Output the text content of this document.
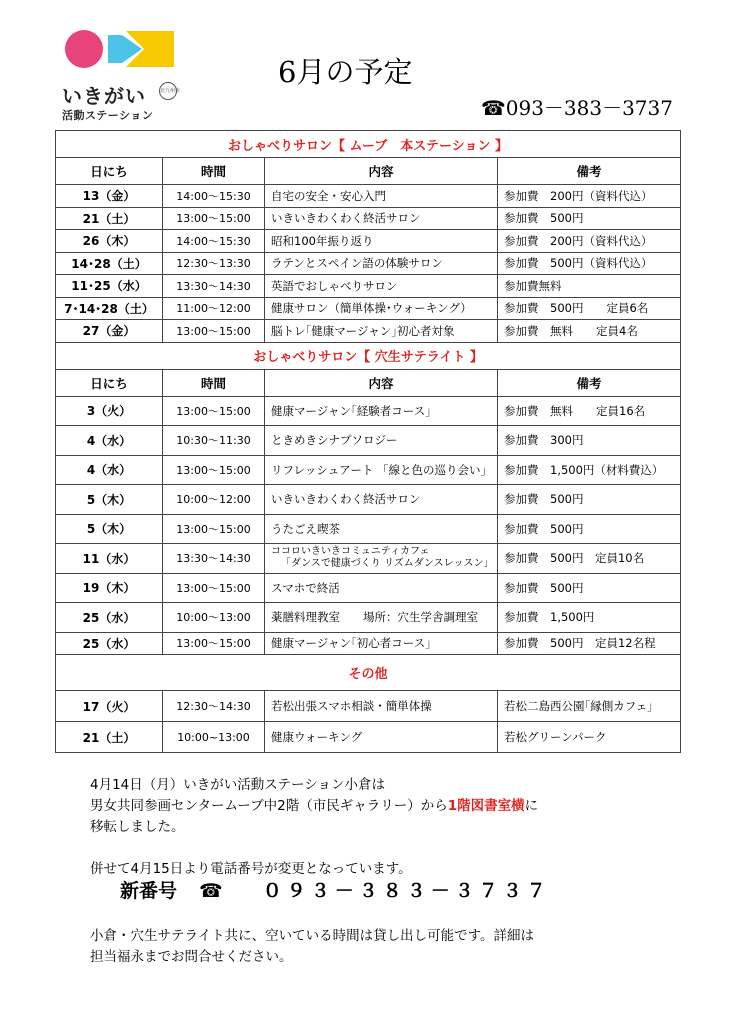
いきがい	北九州市
活動ステーション
6月の予定
☎093－383－3737
おしゃべりサロン【 ムーブ　本ステーション 】			
日にち	時間	内容	備考
13（金）	14:00～15:30	自宅の安全・安心入門	参加費　200円（資料代込）
21（土）	13:00～15:00	いきいきわくわく終活サロン	参加費　500円
26（木）	14:00～15:30	昭和100年振り返り	参加費　200円（資料代込）
14･28（土）	12:30～13:30	ラテンとスペイン語の体験サロン	参加費　500円（資料代込）
11･25（水）	13:30～14:30	英語でおしゃべりサロン	参加費無料
7･14･28（土）	11:00～12:00	健康サロン（簡単体操･ウォーキング）	参加費　500円　　定員6名
27（金）	13:00～15:00	脳トレ｢健康マージャン｣初心者対象	参加費　無料　　定員4名
おしゃべりサロン【 穴生サテライト 】			
日にち	時間	内容	備考
3（火）	13:00～15:00	健康マージャン｢経験者コース｣	参加費　無料　　定員16名
4（水）	10:30～11:30	ときめきシナプソロジー	参加費　300円
4（水）	13:00～15:00	リフレッシュアート 「線と色の巡り会い」	参加費　1,500円（材料費込）
5（木）	10:00～12:00	いきいきわくわく終活サロン	参加費　500円
5（木）	13:00～15:00	うたごえ喫茶	参加費　500円
11（水）	13:30～14:30	ココロいきいきコミュニティカフェ
「ダンスで健康づくり リズムダンスレッスン」	参加費　500円　定員10名
19（木）	13:00～15:00	スマホで終活	参加費　500円
25（水）	10:00～13:00	薬膳料理教室　　場所：穴生学舎調理室	参加費　1,500円
25（水）	13:00～15:00	健康マージャン｢初心者コース｣	参加費　500円　定員12名程
その他			
17（火）	12:30～14:30	若松出張スマホ相談・簡単体操	若松二島西公園｢縁側カフェ｣
21（土）	10:00~13:00	健康ウォーキング	若松グリーンパーク

4月14日（月）いきがい活動ステーション小倉は

男女共同参画センタームーブ中2階（市民ギャラリー）から1階図書室横に

移転しました。

併せて4月15日より電話番号が変更となっています。

新番号 ☎ ０９３－３８３－３７３７

小倉・穴生サテライト共に、空いている時間は貸し出し可能です。詳細は

担当福永までお問合せください。
